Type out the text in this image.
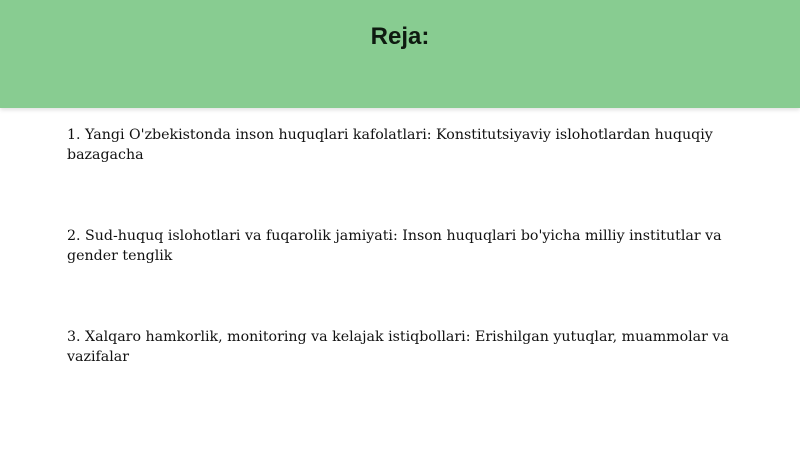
Reja:
1. Yangi O'zbekistonda inson huquqlari kafolatlari: Konstitutsiyaviy islohotlardan huquqiy bazagacha
2. Sud-huquq islohotlari va fuqarolik jamiyati: Inson huquqlari bo'yicha milliy institutlar va gender tenglik
3. Xalqaro hamkorlik, monitoring va kelajak istiqbollari: Erishilgan yutuqlar, muammolar va vazifalar
